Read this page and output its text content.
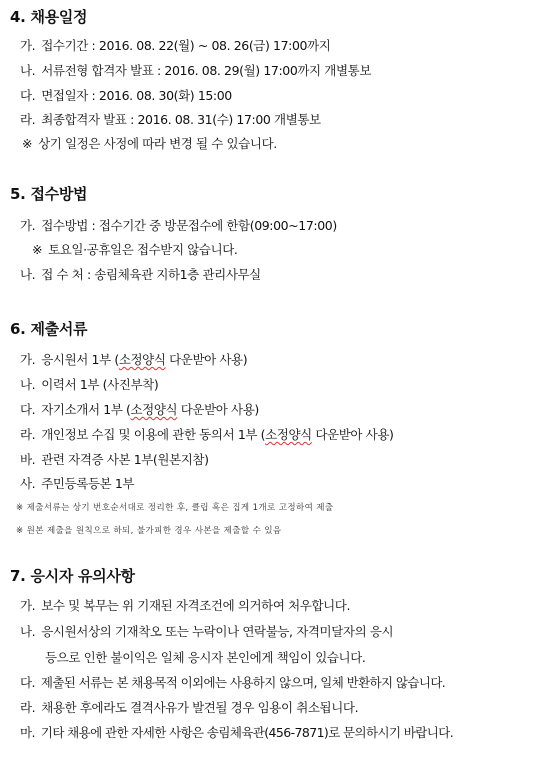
4. 채용일정
가. 접수기간 : 2016. 08. 22(월) ~ 08. 26(금) 17:00까지
나. 서류전형 합격자 발표 : 2016. 08. 29(월) 17:00까지 개별통보
다. 면접일자 : 2016. 08. 30(화) 15:00
라. 최종합격자 발표 : 2016. 08. 31(수) 17:00 개별통보
※ 상기 일정은 사정에 따라 변경 될 수 있습니다.
5. 접수방법
가. 접수방법 : 접수기간 중 방문접수에 한함(09:00~17:00)
※ 토요일·공휴일은 접수받지 않습니다.
나. 접 수 처 : 송림체육관 지하1층 관리사무실
6. 제출서류
가. 응시원서 1부 (소정양식 다운받아 사용)
나. 이력서 1부 (사진부착)
다. 자기소개서 1부 (소정양식 다운받아 사용)
라. 개인정보 수집 및 이용에 관한 동의서 1부 (소정양식 다운받아 사용)
바. 관련 자격증 사본 1부(원본지참)
사. 주민등록등본 1부
※ 제출서류는 상기 번호순서대로 정리한 후, 클립 혹은 집게 1개로 고정하여 제출
※ 원본 제출을 원칙으로 하되, 불가피한 경우 사본을 제출할 수 있음
7. 응시자 유의사항
가. 보수 및 복무는 위 기재된 자격조건에 의거하여 처우합니다.
나. 응시원서상의 기재착오 또는 누락이나 연락불능, 자격미달자의 응시
등으로 인한 불이익은 일체 응시자 본인에게 책임이 있습니다.
다. 제출된 서류는 본 채용목적 이외에는 사용하지 않으며, 일체 반환하지 않습니다.
라. 채용한 후에라도 결격사유가 발견될 경우 임용이 취소됩니다.
마. 기타 채용에 관한 자세한 사항은 송림체육관(456-7871)로 문의하시기 바랍니다.
